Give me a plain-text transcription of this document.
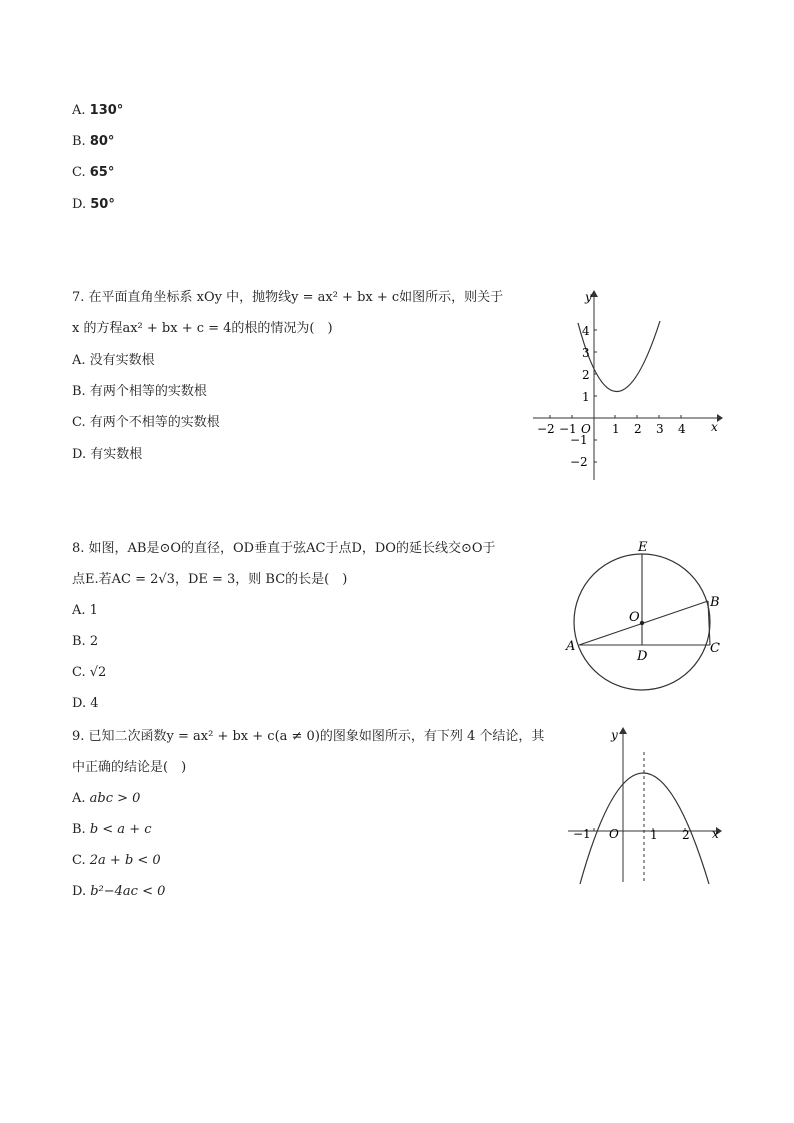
A. 130°
B. 80°
C. 65°
D. 50°
7. 在平面直角坐标系 xOy 中，抛物线y = ax² + bx + c如图所示，则关于
x 的方程ax² + bx + c = 4的根的情况为(　)
A. 没有实数根
B. 有两个相等的实数根
C. 有两个不相等的实数根
D. 有实数根
x
y
O
−2 −1	1 2 3 4
4
3
2
1
−1
−2
8. 如图，AB是⊙O的直径，OD垂直于弦AC于点D，DO的延长线交⊙O于
点E.若AC = 2√3，DE = 3，则 BC的长是(　)
A. 1
B. 2
C. √2
D. 4
E
O
B
A	C
D
9. 已知二次函数y = ax² + bx + c(a ≠ 0)的图象如图所示，有下列 4 个结论，其
中正确的结论是(　)
A. abc > 0
B. b < a + c
C. 2a + b < 0
D. b²−4ac < 0
y
x
O
−1	1 2
